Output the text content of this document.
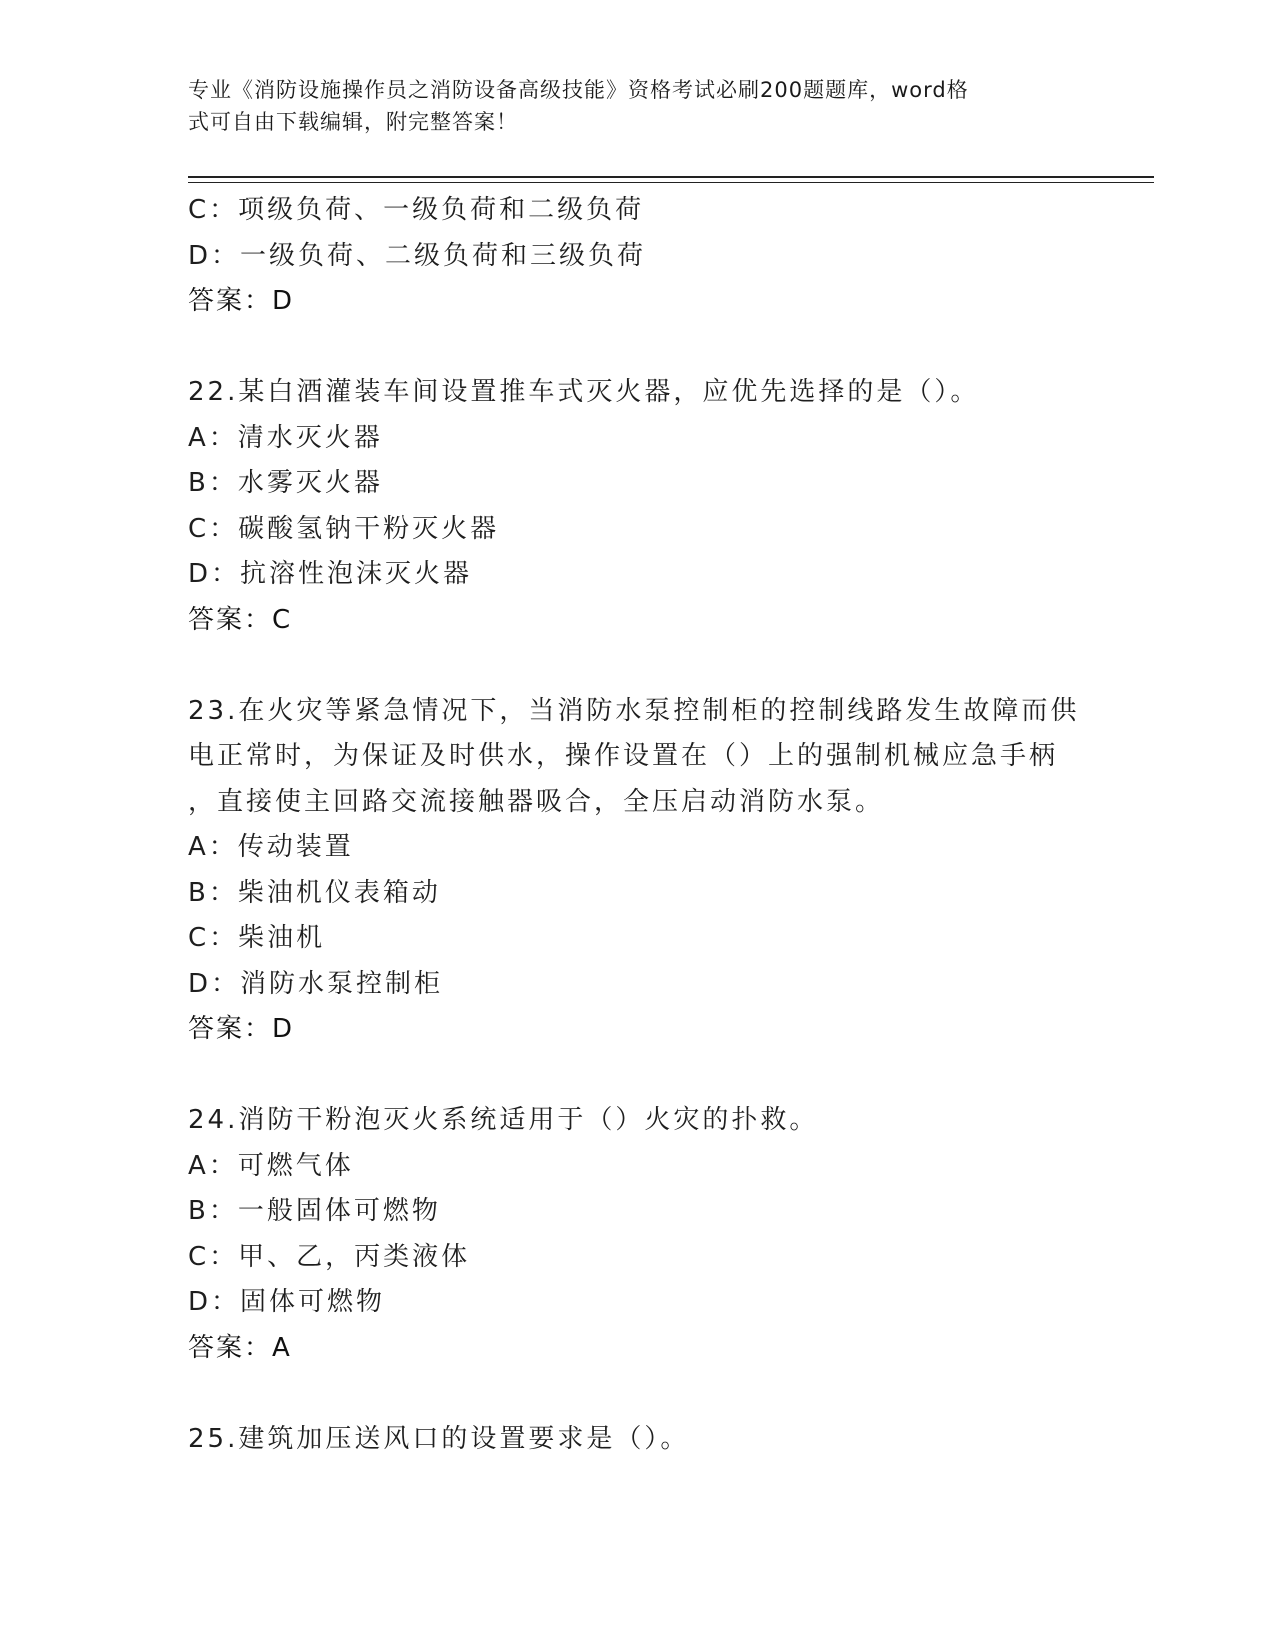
专业《消防设施操作员之消防设备高级技能》资格考试必刷200题题库，word格
式可自由下载编辑，附完整答案！
C：项级负荷、一级负荷和二级负荷
D：一级负荷、二级负荷和三级负荷
答案：D
22.某白酒灌装车间设置推车式灭火器，应优先选择的是（）。
A：清水灭火器
B：水雾灭火器
C：碳酸氢钠干粉灭火器
D：抗溶性泡沫灭火器
答案：C
23.在火灾等紧急情况下，当消防水泵控制柜的控制线路发生故障而供
电正常时，为保证及时供水，操作设置在（）上的强制机械应急手柄
，直接使主回路交流接触器吸合，全压启动消防水泵。
A：传动装置
B：柴油机仪表箱动
C：柴油机
D：消防水泵控制柜
答案：D
24.消防干粉泡灭火系统适用于（）火灾的扑救。
A：可燃气体
B：一般固体可燃物
C：甲、乙，丙类液体
D：固体可燃物
答案：A
25.建筑加压送风口的设置要求是（）。
